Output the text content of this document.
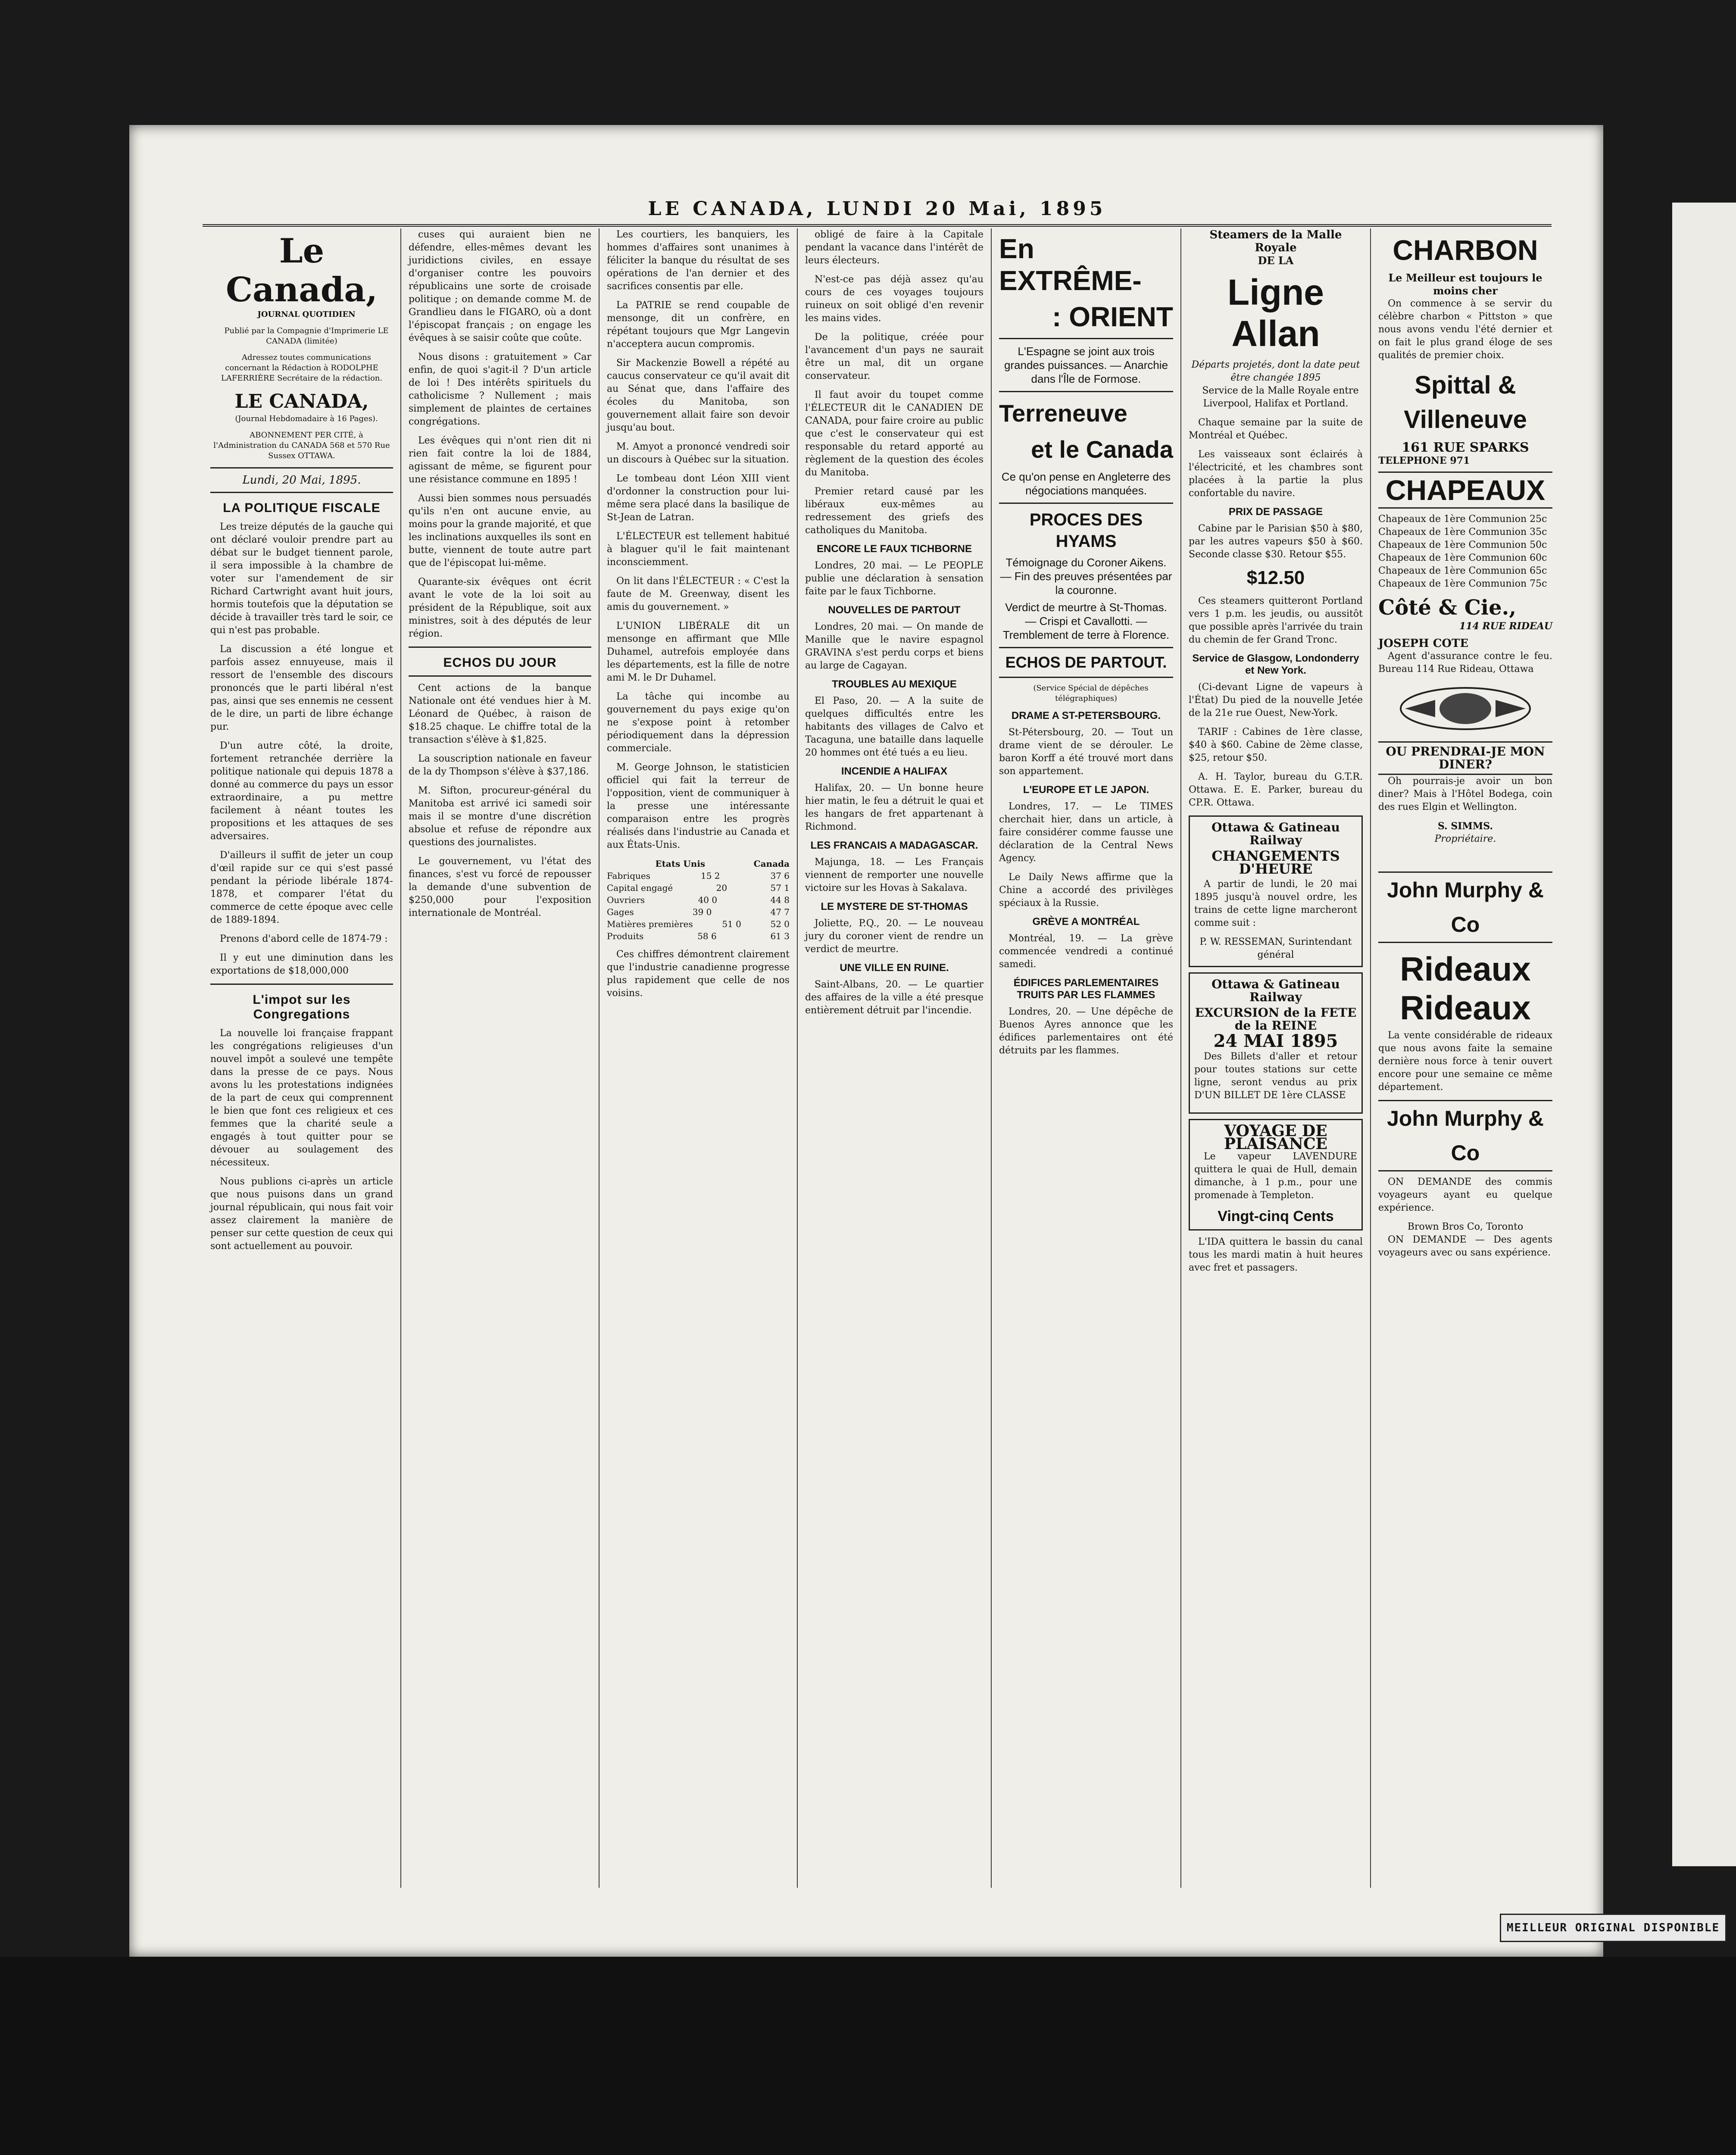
LE CANADA, LUNDI 20 Mai, 1895
Le Canada,

JOURNAL QUOTIDIEN

Publié par la Compagnie d'Imprimerie LE CANADA (limitée)

Adressez toutes communications concernant la Rédaction à RODOLPHE LAFERRIÈRE Secrétaire de la rédaction.

LE CANADA,

(Journal Hebdomadaire à 16 Pages).

ABONNEMENT PER CITÉ, à l'Administration du CANADA 568 et 570 Rue Sussex OTTAWA.

Lundi, 20 Mai, 1895.
LA POLITIQUE FISCALE

Les treize députés de la gauche qui ont déclaré vouloir prendre part au débat sur le budget tiennent parole, il sera impossible à la chambre de voter sur l'amendement de sir Richard Cartwright avant huit jours, hormis toutefois que la députation se décide à travailler très tard le soir, ce qui n'est pas probable.

La discussion a été longue et parfois assez ennuyeuse, mais il ressort de l'ensemble des discours prononcés que le parti libéral n'est pas, ainsi que ses ennemis ne cessent de le dire, un parti de libre échange pur.

D'un autre côté, la droite, fortement retranchée derrière la politique nationale qui depuis 1878 a donné au commerce du pays un essor extraordinaire, a pu mettre facilement à néant toutes les propositions et les attaques de ses adversaires.

D'ailleurs il suffit de jeter un coup d'œil rapide sur ce qui s'est passé pendant la période libérale 1874-1878, et comparer l'état du commerce de cette époque avec celle de 1889-1894.

Prenons d'abord celle de 1874-79 :

Il y eut une diminution dans les exportations de $18,000,000

L'impot sur les Congregations

La nouvelle loi française frappant les congrégations religieuses d'un nouvel impôt a soulevé une tempête dans la presse de ce pays. Nous avons lu les protestations indignées de la part de ceux qui comprennent le bien que font ces religieux et ces femmes que la charité seule a engagés à tout quitter pour se dévouer au soulagement des nécessiteux.

Nous publions ci-après un article que nous puisons dans un grand journal républicain, qui nous fait voir assez clairement la manière de penser sur cette question de ceux qui sont actuellement au pouvoir.

cuses qui auraient bien ne défendre, elles-mêmes devant les juridictions civiles, en essaye d'organiser contre les pouvoirs républicains une sorte de croisade politique ; on demande comme M. de Grandlieu dans le FIGARO, où a dont l'épiscopat français ; on engage les évêques à se saisir coûte que coûte.

Nous disons : gratuitement » Car enfin, de quoi s'agit-il ? D'un article de loi ! Des intérêts spirituels du catholicisme ? Nullement ; mais simplement de plaintes de certaines congrégations.

Les évêques qui n'ont rien dit ni rien fait contre la loi de 1884, agissant de même, se figurent pour une résistance commune en 1895 !

Aussi bien sommes nous persuadés qu'ils n'en ont aucune envie, au moins pour la grande majorité, et que les inclinations auxquelles ils sont en butte, viennent de toute autre part que de l'épiscopat lui-même.

Quarante-six évêques ont écrit avant le vote de la loi soit au président de la République, soit aux ministres, soit à des députés de leur région.

ECHOS DU JOUR

Cent actions de la banque Nationale ont été vendues hier à M. Léonard de Québec, à raison de $18.25 chaque. Le chiffre total de la transaction s'élève à $1,825.

La souscription nationale en faveur de la dy Thompson s'élève à $37,186.

M. Sifton, procureur-général du Manitoba est arrivé ici samedi soir mais il se montre d'une discrétion absolue et refuse de répondre aux questions des journalistes.

Le gouvernement, vu l'état des finances, s'est vu forcé de repousser la demande d'une subvention de $250,000 pour l'exposition internationale de Montréal.

Les courtiers, les banquiers, les hommes d'affaires sont unanimes à féliciter la banque du résultat de ses opérations de l'an dernier et des sacrifices consentis par elle.

La PATRIE se rend coupable de mensonge, dit un confrère, en répétant toujours que Mgr Langevin n'acceptera aucun compromis.

Sir Mackenzie Bowell a répété au caucus conservateur ce qu'il avait dit au Sénat que, dans l'affaire des écoles du Manitoba, son gouvernement allait faire son devoir jusqu'au bout.

M. Amyot a prononcé vendredi soir un discours à Québec sur la situation.

Le tombeau dont Léon XIII vient d'ordonner la construction pour lui-même sera placé dans la basilique de St-Jean de Latran.

L'ÉLECTEUR est tellement habitué à blaguer qu'il le fait maintenant inconsciemment.

On lit dans l'ÉLECTEUR : « C'est la faute de M. Greenway, disent les amis du gouvernement. »

L'UNION LIBÉRALE dit un mensonge en affirmant que Mlle Duhamel, autrefois employée dans les départements, est la fille de notre ami M. le Dr Duhamel.

La tâche qui incombe au gouvernement du pays exige qu'on ne s'expose point à retomber périodiquement dans la dépression commerciale.

M. George Johnson, le statisticien officiel qui fait la terreur de l'opposition, vient de communiquer à la presse une intéressante comparaison entre les progrès réalisés dans l'industrie au Canada et aux États-Unis.

Etats Unis	Canada
Fabriques	15 2	37 6
Capital engagé	20	57 1
Ouvriers	40 0	44 8
Gages	39 0	47 7
Matières premières	51 0	52 0
Produits	58 6	61 3

Ces chiffres démontrent clairement que l'industrie canadienne progresse plus rapidement que celle de nos voisins.

obligé de faire à la Capitale pendant la vacance dans l'intérêt de leurs électeurs.

N'est-ce pas déjà assez qu'au cours de ces voyages toujours ruineux on soit obligé d'en revenir les mains vides.

De la politique, créée pour l'avancement d'un pays ne saurait être un mal, dit un organe conservateur.

Il faut avoir du toupet comme l'ÉLECTEUR dit le CANADIEN DE CANADA, pour faire croire au public que c'est le conservateur qui est responsable du retard apporté au règlement de la question des écoles du Manitoba.

Premier retard causé par les libéraux eux-mêmes au redressement des griefs des catholiques du Manitoba.

ENCORE LE FAUX TICHBORNE

Londres, 20 mai. — Le PEOPLE publie une déclaration à sensation faite par le faux Tichborne.

NOUVELLES DE PARTOUT

Londres, 20 mai. — On mande de Manille que le navire espagnol GRAVINA s'est perdu corps et biens au large de Cagayan.

TROUBLES AU MEXIQUE

El Paso, 20. — A la suite de quelques difficultés entre les habitants des villages de Calvo et Tacaguna, une bataille dans laquelle 20 hommes ont été tués a eu lieu.

INCENDIE A HALIFAX

Halifax, 20. — Un bonne heure hier matin, le feu a détruit le quai et les hangars de fret appartenant à Richmond.

LES FRANCAIS A MADAGASCAR.

Majunga, 18. — Les Français viennent de remporter une nouvelle victoire sur les Hovas à Sakalava.

LE MYSTERE DE ST-THOMAS

Joliette, P.Q., 20. — Le nouveau jury du coroner vient de rendre un verdict de meurtre.

UNE VILLE EN RUINE.

Saint-Albans, 20. — Le quartier des affaires de la ville a été presque entièrement détruit par l'incendie.

En EXTRÊME-
: ORIENT
L'Espagne se joint aux trois grandes puissances. — Anarchie dans l'Île de Formose.
Terreneuve
et le Canada
Ce qu'on pense en Angleterre des négociations manquées.
PROCES DES HYAMS
Témoignage du Coroner Aikens. — Fin des preuves présentées par la couronne.
Verdict de meurtre à St-Thomas. — Crispi et Cavallotti. — Tremblement de terre à Florence.
ECHOS DE PARTOUT.

(Service Spécial de dépêches télégraphiques)

DRAME A ST-PETERSBOURG.

St-Pétersbourg, 20. — Tout un drame vient de se dérouler. Le baron Korff a été trouvé mort dans son appartement.

L'EUROPE ET LE JAPON.

Londres, 17. — Le TIMES cherchait hier, dans un article, à faire considérer comme fausse une déclaration de la Central News Agency.

Le Daily News affirme que la Chine a accordé des privilèges spéciaux à la Russie.

GRÈVE A MONTRÉAL

Montréal, 19. — La grève commencée vendredi a continué samedi.

ÉDIFICES PARLEMENTAIRES TRUITS PAR LES FLAMMES

Londres, 20. — Une dépêche de Buenos Ayres annonce que les édifices parlementaires ont été détruits par les flammes.

Steamers de la Malle Royale
DE LA
Ligne Allan
Départs projetés, dont la date peut être changée 1895

Service de la Malle Royale entre Liverpool, Halifax et Portland.

Chaque semaine par la suite de Montréal et Québec.

Les vaisseaux sont éclairés à l'électricité, et les chambres sont placées à la partie la plus confortable du navire.

PRIX DE PASSAGE

Cabine par le Parisian $50 à $80, par les autres vapeurs $50 à $60. Seconde classe $30. Retour $55.

$12.50

Ces steamers quitteront Portland vers 1 p.m. les jeudis, ou aussitôt que possible après l'arrivée du train du chemin de fer Grand Tronc.

Service de Glasgow, Londonderry et New York.

(Ci-devant Ligne de vapeurs à l'État) Du pied de la nouvelle Jetée de la 21e rue Ouest, New-York.

TARIF : Cabines de 1ère classe, $40 à $60. Cabine de 2ème classe, $25, retour $50.

A. H. Taylor, bureau du G.T.R. Ottawa. E. E. Parker, bureau du CP.R. Ottawa.

Ottawa & Gatineau Railway
CHANGEMENTS D'HEURE

A partir de lundi, le 20 mai 1895 jusqu'à nouvel ordre, les trains de cette ligne marcheront comme suit :

P. W. RESSEMAN, Surintendant général
Ottawa & Gatineau Railway
EXCURSION de la FETE de la REINE
24 MAI 1895

Des Billets d'aller et retour pour toutes stations sur cette ligne, seront vendus au prix D'UN BILLET DE 1ère CLASSE

VOYAGE DE PLAISANCE

Le vapeur LAVENDURE quittera le quai de Hull, demain dimanche, à 1 p.m., pour une promenade à Templeton.

Vingt-cinq Cents

L'IDA quittera le bassin du canal tous les mardi matin à huit heures avec fret et passagers.

CHARBON
Le Meilleur est toujours le moins cher

On commence à se servir du célèbre charbon « Pittston » que nous avons vendu l'été dernier et on fait le plus grand éloge de ses qualités de premier choix.

Spittal & Villeneuve
161 RUE SPARKS
TELEPHONE 971
CHAPEAUX
Chapeaux de 1ère Communion 25c
Chapeaux de 1ère Communion 35c
Chapeaux de 1ère Communion 50c
Chapeaux de 1ère Communion 60c
Chapeaux de 1ère Communion 65c
Chapeaux de 1ère Communion 75c
Côté & Cie.,
114 RUE RIDEAU
JOSEPH COTE

Agent d'assurance contre le feu. Bureau 114 Rue Rideau, Ottawa

OU PRENDRAI-JE MON DINER?

Oh pourrais-je avoir un bon diner? Mais à l'Hôtel Bodega, coin des rues Elgin et Wellington.

S. SIMMS.
Propriétaire.
John Murphy & Co
Rideaux
Rideaux

La vente considérable de rideaux que nous avons faite la semaine dernière nous force à tenir ouvert encore pour une semaine ce même département.

John Murphy & Co

ON DEMANDE des commis voyageurs ayant eu quelque expérience.

Brown Bros Co, Toronto

ON DEMANDE — Des agents voyageurs avec ou sans expérience.

MEILLEUR ORIGINAL DISPONIBLE
